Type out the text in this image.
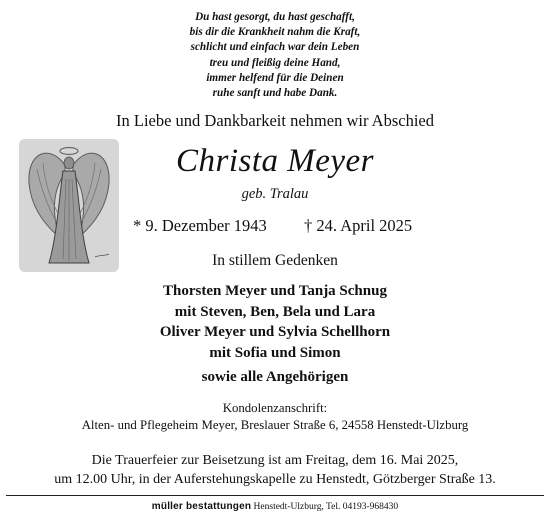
Du hast gesorgt, du hast geschafft,
bis dir die Krankheit nahm die Kraft,
schlicht und einfach war dein Leben
treu und fleißig deine Hand,
immer helfend für die Deinen
ruhe sanft und habe Dank.
In Liebe und Dankbarkeit nehmen wir Abschied
Christa Meyer
geb. Tralau
* 9. Dezember 1943 † 24. April 2025
In stillem Gedenken
Thorsten Meyer und Tanja Schnug
mit Steven, Ben, Bela und Lara
Oliver Meyer und Sylvia Schellhorn
mit Sofia und Simon
sowie alle Angehörigen
Kondolenzanschrift:
Alten- und Pflegeheim Meyer, Breslauer Straße 6, 24558 Henstedt-Ulzburg
Die Trauerfeier zur Beisetzung ist am Freitag, dem 16. Mai 2025,
um 12.00 Uhr, in der Auferstehungskapelle zu Henstedt, Götzberger Straße 13.
müller bestattungen Henstedt-Ulzburg, Tel. 04193-968430
